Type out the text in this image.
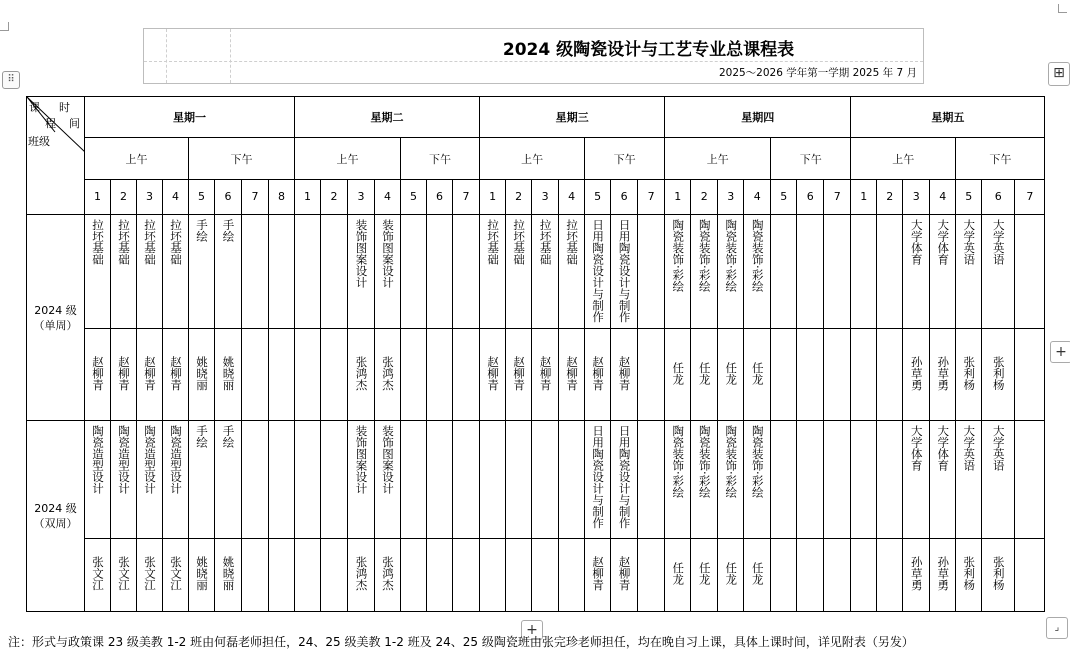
2024 级陶瓷设计与工艺专业总课程表
2025～2026 学年第一学期 2025 年 7 月
⠿	⊞
+
+	⌟
课 时
程 间
班级	星期一								星期二							星期三							星期四							星期五						
	上午				下午				上午				下午			上午				下午			上午				下午			上午				下午		
	1	2	3	4	5	6	7	8	1	2	3	4	5	6	7	1	2	3	4	5	6	7	1	2	3	4	5	6	7	1	2	3	4	5	6	7
2024 级
（单周）	拉坯基础	拉坯基础	拉坯基础	拉坯基础	手绘	手绘					装饰图案设计	装饰图案设计				拉坯基础	拉坯基础	拉坯基础	拉坯基础	日用陶瓷设计与制作	日用陶瓷设计与制作		陶瓷装饰·彩绘	陶瓷装饰·彩绘	陶瓷装饰·彩绘	陶瓷装饰·彩绘						大学体育	大学体育	大学英语	大学英语	
	赵柳青	赵柳青	赵柳青	赵柳青	姚晓丽	姚晓丽					张鸿杰	张鸿杰				赵柳青	赵柳青	赵柳青	赵柳青	赵柳青	赵柳青		任龙	任龙	任龙	任龙						孙草勇	孙草勇	张利杨	张利杨	
2024 级
（双周）	陶瓷造型设计	陶瓷造型设计	陶瓷造型设计	陶瓷造型设计	手绘	手绘					装饰图案设计	装饰图案设计								日用陶瓷设计与制作	日用陶瓷设计与制作		陶瓷装饰·彩绘	陶瓷装饰·彩绘	陶瓷装饰·彩绘	陶瓷装饰·彩绘						大学体育	大学体育	大学英语	大学英语	
	张文江	张文江	张文江	张文江	姚晓丽	姚晓丽					张鸿杰	张鸿杰								赵柳青	赵柳青		任龙	任龙	任龙	任龙						孙草勇	孙草勇	张利杨	张利杨	
注：形式与政策课 23 级美教 1-2 班由何磊老师担任，24、25 级美教 1-2 班及 24、25 级陶瓷班由张完珍老师担任，均在晚自习上课，具体上课时间，详见附表（另发）
